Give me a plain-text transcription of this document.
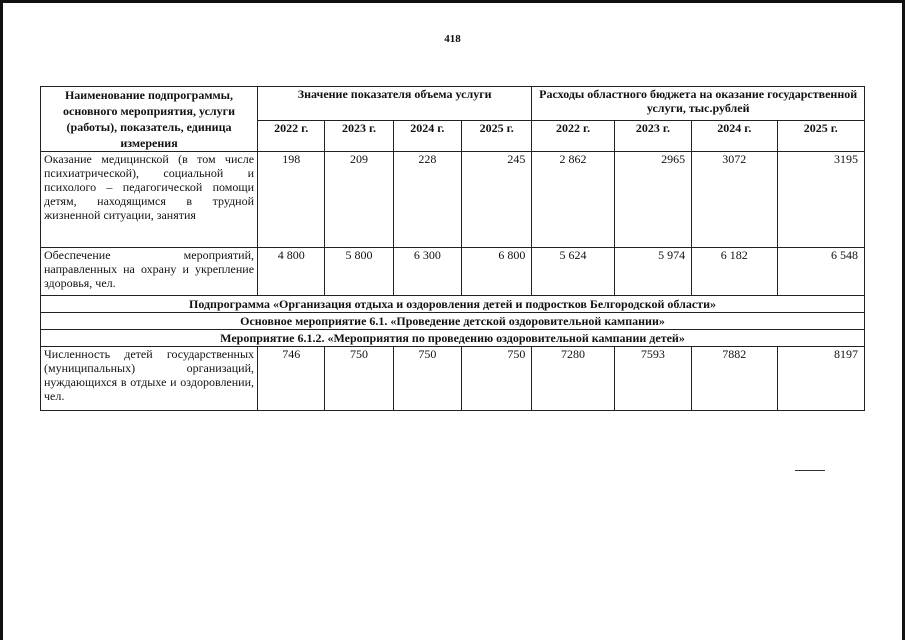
418
Наименование подпрограммы, основного мероприятия, услуги (работы), показатель, единица измерения	Значение показателя объема услуги				Расходы областного бюджета на оказание государственной услуги, тыс.рублей			
	2022 г.	2023 г.	2024 г.	2025 г.	2022 г.	2023 г.	2024 г.	2025 г.
Оказание медицинской (в том числе психиатрической), социальной и психолого – педагогической помощи детям, находящимся в трудной жизненной ситуации, занятия	198	209	228	245	2 862	2965	3072	3195
Обеспечение мероприятий, направленных на охрану и укрепление здоровья, чел.	4 800	5 800	6 300	6 800	5 624	5 974	6 182	6 548
Подпрограмма «Организация отдыха и оздоровления детей и подростков Белгородской области»								
Основное мероприятие 6.1. «Проведение детской оздоровительной кампании»								
Мероприятие 6.1.2. «Мероприятия по проведению оздоровительной кампании детей»								
Численность детей государственных (муниципальных) организаций, нуждающихся в отдыхе и оздоровлении, чел.	746	750	750	750	7280	7593	7882	8197
